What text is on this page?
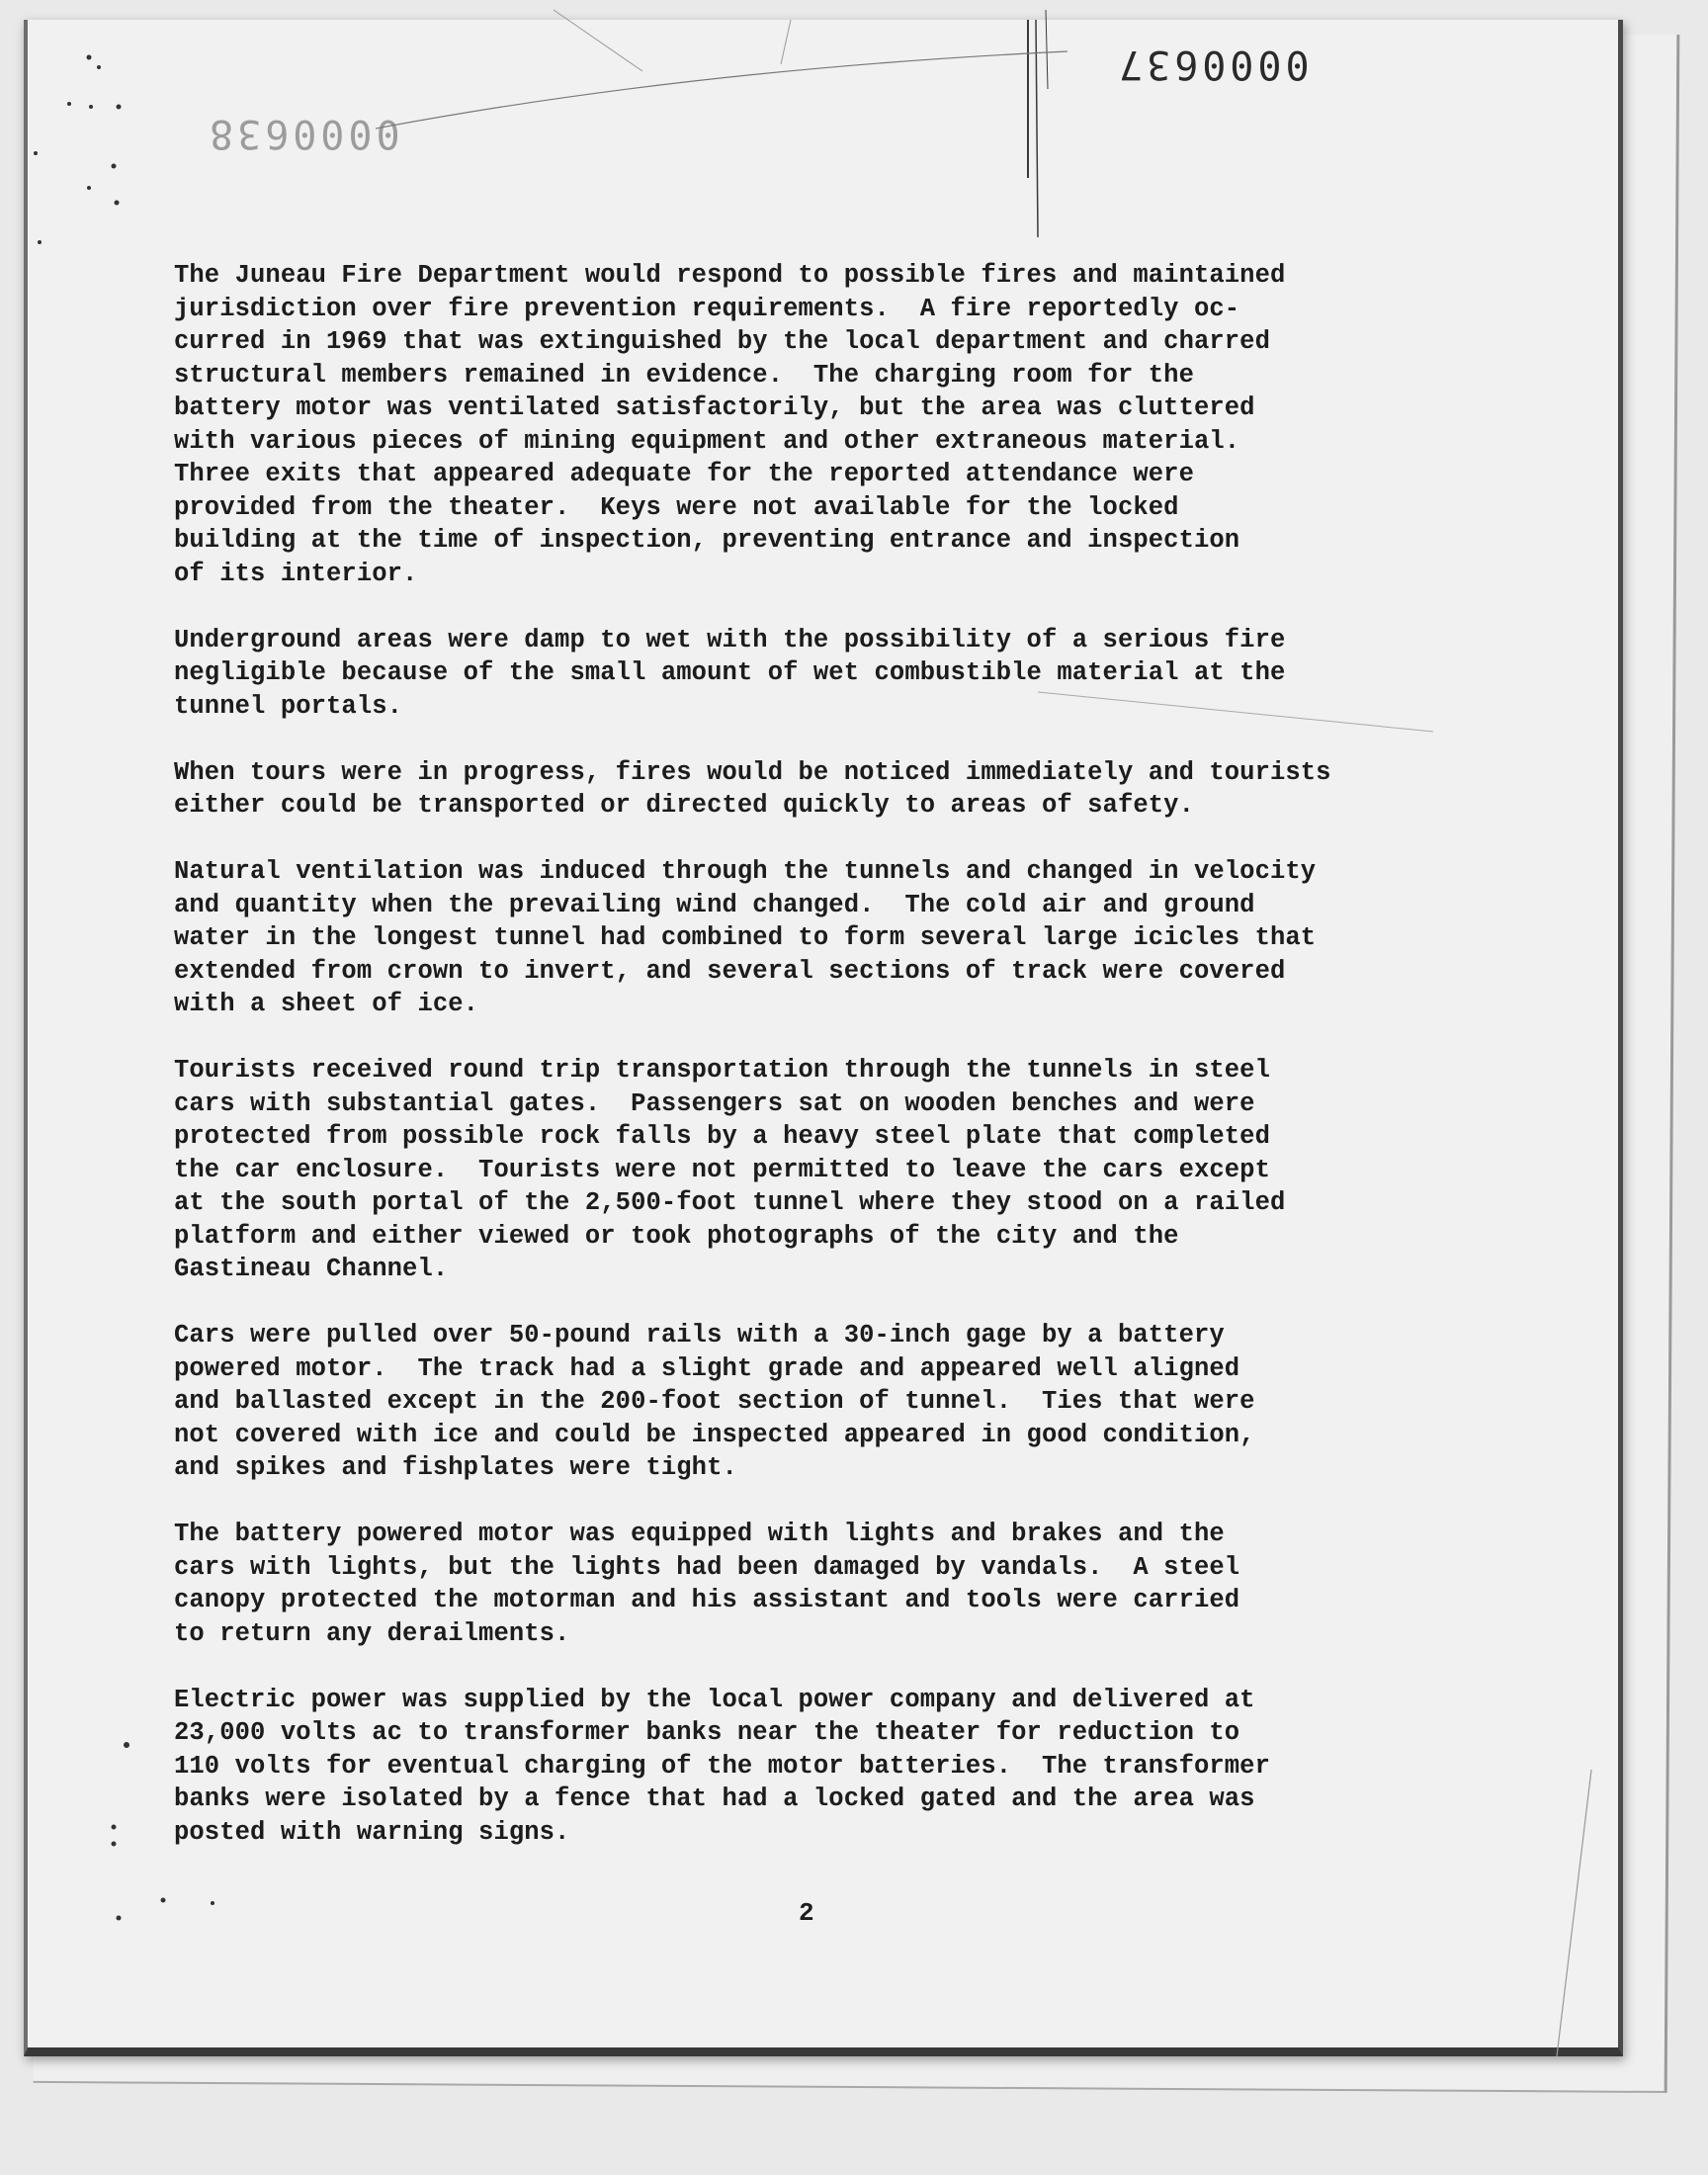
0000637
0000638
The Juneau Fire Department would respond to possible fires and maintained
jurisdiction over fire prevention requirements.  A fire reportedly oc-
curred in 1969 that was extinguished by the local department and charred
structural members remained in evidence.  The charging room for the
battery motor was ventilated satisfactorily, but the area was cluttered
with various pieces of mining equipment and other extraneous material.
Three exits that appeared adequate for the reported attendance were
provided from the theater.  Keys were not available for the locked
building at the time of inspection, preventing entrance and inspection
of its interior.
Underground areas were damp to wet with the possibility of a serious fire
negligible because of the small amount of wet combustible material at the
tunnel portals.
When tours were in progress, fires would be noticed immediately and tourists
either could be transported or directed quickly to areas of safety.
Natural ventilation was induced through the tunnels and changed in velocity
and quantity when the prevailing wind changed.  The cold air and ground
water in the longest tunnel had combined to form several large icicles that
extended from crown to invert, and several sections of track were covered
with a sheet of ice.
Tourists received round trip transportation through the tunnels in steel
cars with substantial gates.  Passengers sat on wooden benches and were
protected from possible rock falls by a heavy steel plate that completed
the car enclosure.  Tourists were not permitted to leave the cars except
at the south portal of the 2,500-foot tunnel where they stood on a railed
platform and either viewed or took photographs of the city and the
Gastineau Channel.
Cars were pulled over 50-pound rails with a 30-inch gage by a battery
powered motor.  The track had a slight grade and appeared well aligned
and ballasted except in the 200-foot section of tunnel.  Ties that were
not covered with ice and could be inspected appeared in good condition,
and spikes and fishplates were tight.
The battery powered motor was equipped with lights and brakes and the
cars with lights, but the lights had been damaged by vandals.  A steel
canopy protected the motorman and his assistant and tools were carried
to return any derailments.
Electric power was supplied by the local power company and delivered at
23,000 volts ac to transformer banks near the theater for reduction to
110 volts for eventual charging of the motor batteries.  The transformer
banks were isolated by a fence that had a locked gated and the area was
posted with warning signs.
2
